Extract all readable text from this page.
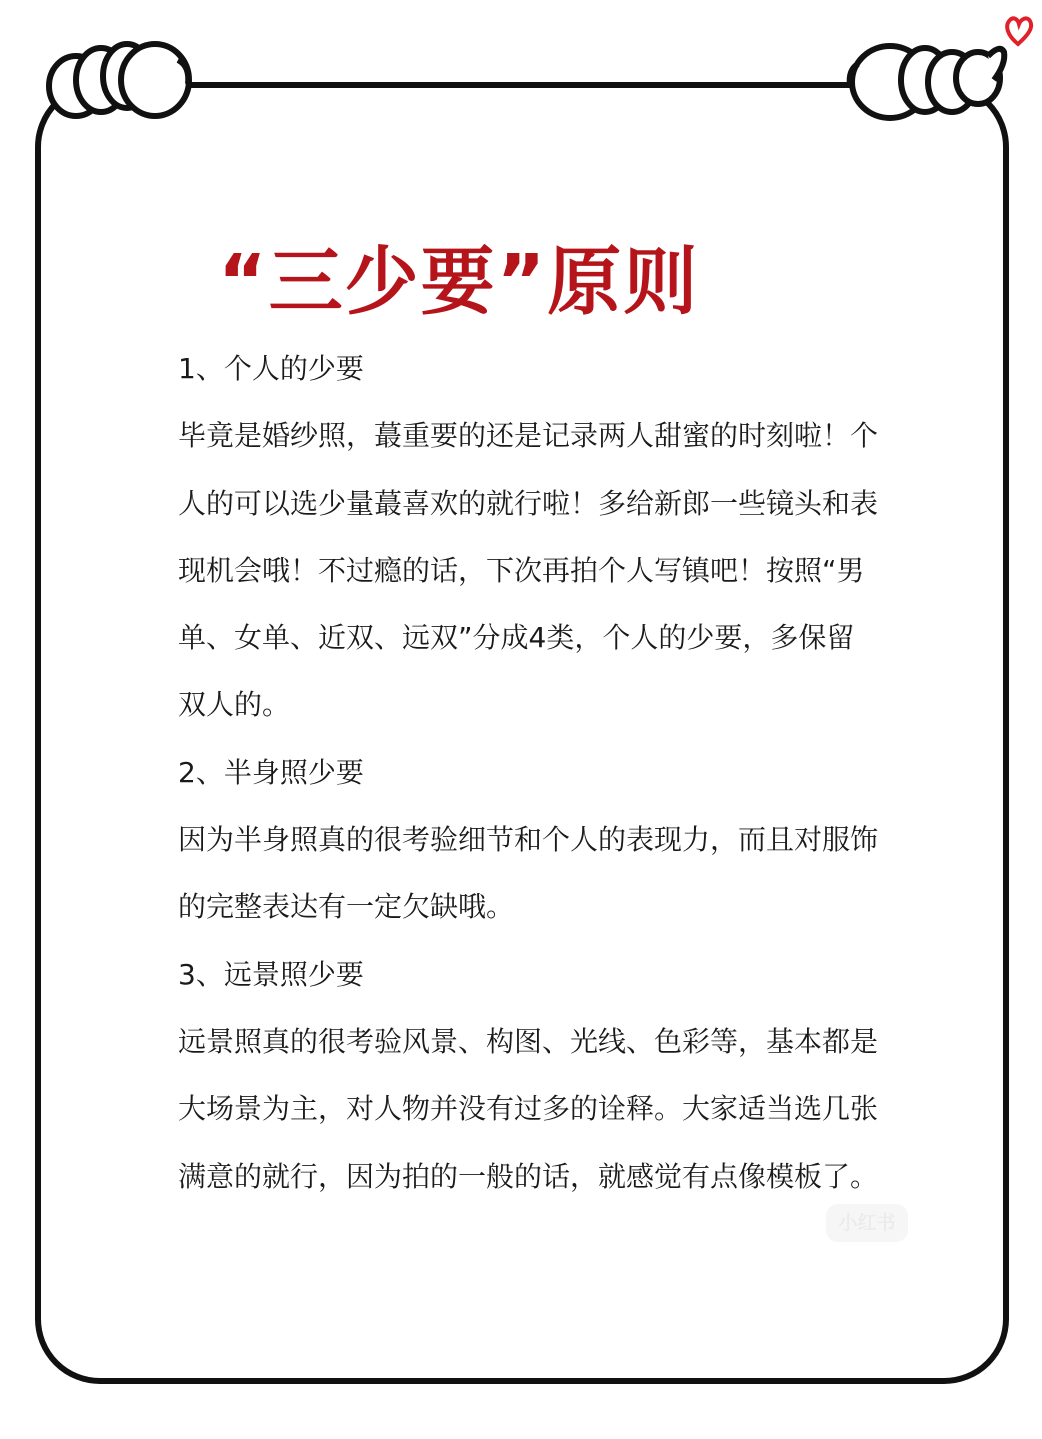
“三少要”原则

1、个人的少要

毕竟是婚纱照，蕞重要的还是记录两人甜蜜的时刻啦！个人的可以选少量蕞喜欢的就行啦！多给新郎一些镜头和表现机会哦！不过瘾的话，下次再拍个人写镇吧！按照“男单、女单、近双、远双”分成4类，个人的少要，多保留双人的。

2、半身照少要

因为半身照真的很考验细节和个人的表现力，而且对服饰的完整表达有一定欠缺哦。

3、远景照少要

远景照真的很考验风景、构图、光线、色彩等，基本都是大场景为主，对人物并没有过多的诠释。大家适当选几张满意的就行，因为拍的一般的话，就感觉有点像模板了。

小红书
